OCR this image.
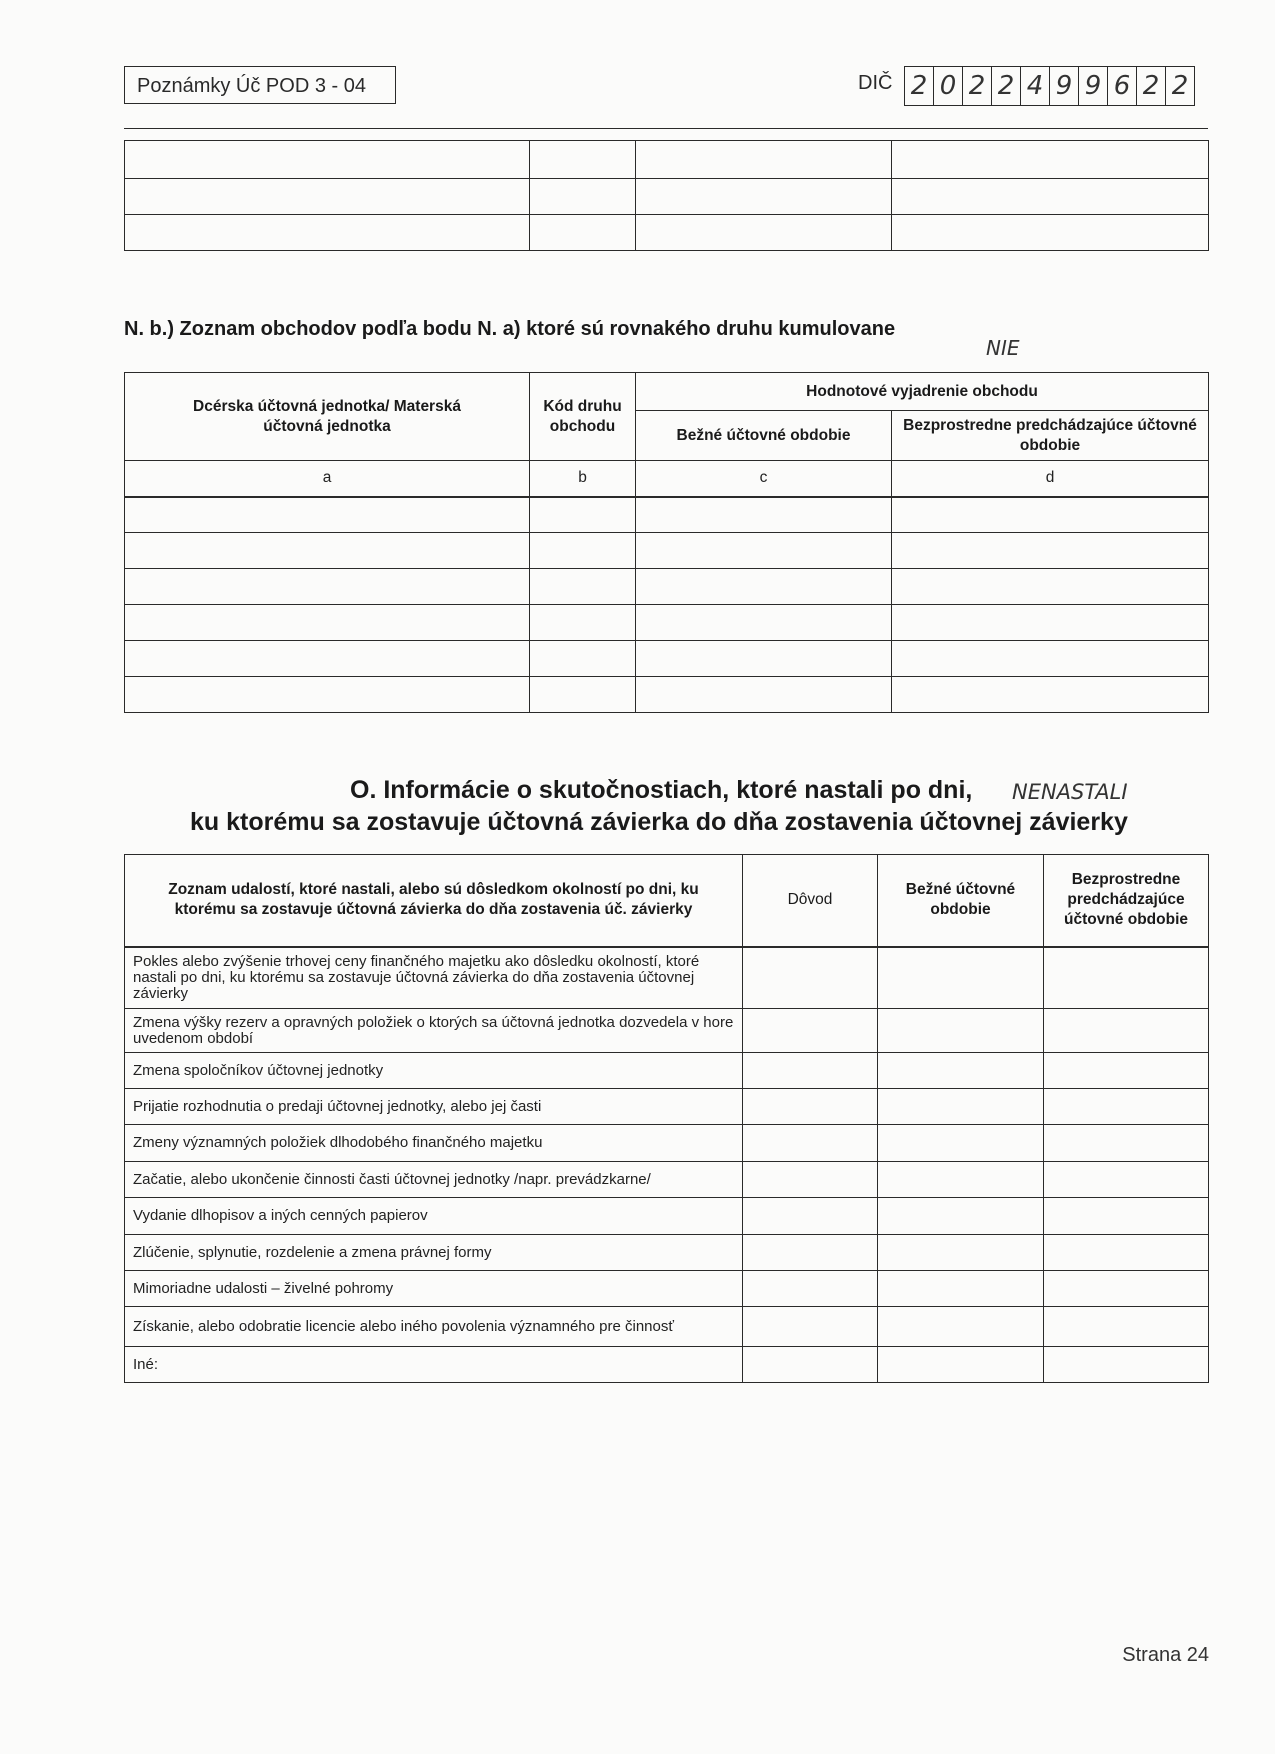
Poznámky Úč POD 3 - 04	DIČ 2 0 2 2 4 9 9 6 2 2

N. b.) Zoznam obchodov podľa bodu N. a) ktoré sú rovnakého druhu kumulovane
NIE
Dcérska účtovná jednotka/ Materská účtovná jednotka	Kód druhu obchodu	Hodnotové vyjadrenie obchodu	
		Bežné účtovné obdobie	Bezprostredne predchádzajúce účtovné obdobie
a	b	c	d

O. Informácie o skutočnostiach, ktoré nastali po dni, NENASTALI
ku ktorému sa zostavuje účtovná závierka do dňa zostavenia účtovnej závierky
Zoznam udalostí, ktoré nastali, alebo sú dôsledkom okolností po dni, ku ktorému sa zostavuje účtovná závierka do dňa zostavenia úč. závierky	Dôvod	Bežné účtovné obdobie	Bezprostredne predchádzajúce účtovné obdobie
Pokles alebo zvýšenie trhovej ceny finančného majetku ako dôsledku okolností, ktoré nastali po dni, ku ktorému sa zostavuje účtovná závierka do dňa zostavenia účtovnej závierky			
Zmena výšky rezerv a opravných položiek o ktorých sa účtovná jednotka dozvedela v hore uvedenom období			
Zmena spoločníkov účtovnej jednotky			
Prijatie rozhodnutia o predaji účtovnej jednotky, alebo jej časti			
Zmeny významných položiek dlhodobého finančného majetku			
Začatie, alebo ukončenie činnosti časti účtovnej jednotky /napr. prevádzkarne/			
Vydanie dlhopisov a iných cenných papierov			
Zlúčenie, splynutie, rozdelenie a zmena právnej formy			
Mimoriadne udalosti – živelné pohromy			
Získanie, alebo odobratie licencie alebo iného povolenia významného pre činnosť			
Iné:			
Strana 24
